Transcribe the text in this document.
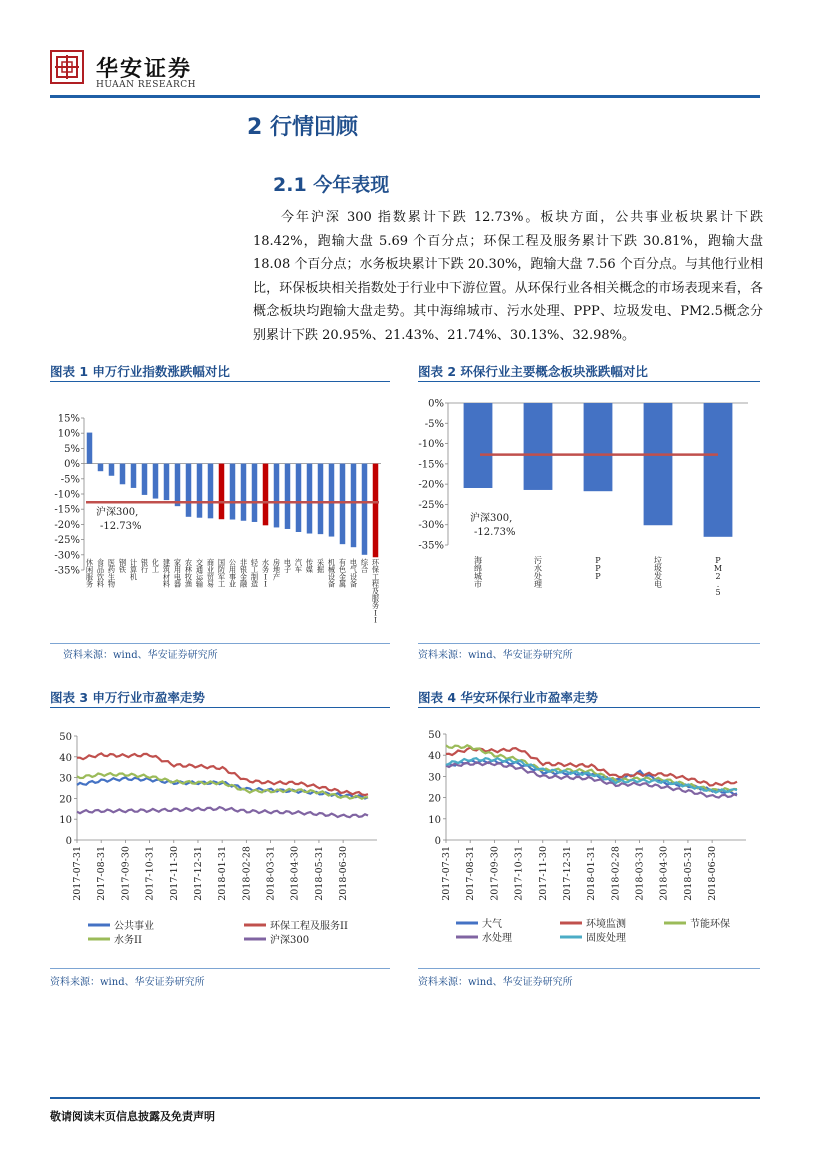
华安证券
HUAAN RESEARCH
2 行情回顾
2.1 今年表现
今年沪深 300 指数累计下跌 12.73%。板块方面，公共事业板块累计下跌 18.42%，跑输大盘 5.69 个百分点；环保工程及服务累计下跌 30.81%，跑输大盘 18.08 个百分点；水务板块累计下跌 20.30%，跑输大盘 7.56 个百分点。与其他行业相比，环保板块相关指数处于行业中下游位置。从环保行业各相关概念的市场表现来看，各概念板块均跑输大盘走势。其中海绵城市、污水处理、PPP、垃圾发电、PM2.5概念分别累计下跌 20.95%、21.43%、21.74%、30.13%、32.98%。
图表 1 申万行业指数涨跌幅对比
资料来源：wind、华安证券研究所
图表 2 环保行业主要概念板块涨跌幅对比
资料来源：wind、华安证券研究所
图表 3 申万行业市盈率走势
资料来源：wind、华安证券研究所
图表 4 华安环保行业市盈率走势
资料来源：wind、华安证券研究所
15%
10%
5%
0%
-5%
-10%
-15%
-20%
-25%
-30%
-35%
休闲服务
食品饮料
医药生物
钢铁
计算机
银行
化工
建筑材料
家用电器
农林牧渔
交通运输
商业贸易
国防军工
公用事业
非银金融
轻工制造
水务 I I
房地产
电子
汽车
传媒
采掘
机械设备
有色金属
电气设备
综合
环保工程及服务 I I
沪深300,
-12.73%
0%
-5%
-10%
-15%
-20%
-25%
-30%
-35%
海绵城市
污水处理
P P P
垃圾发电
P M 2 . 5
沪深300,
-12.73%
50
40
30
20
10
0
2017-07-31 2017-08-31 2017-09-30 2017-10-31 2017-11-30 2017-12-31 2018-01-31 2018-02-28 2018-03-31 2018-04-30 2018-05-31 2018-06-30
公共事业	环保工程及服务II
水务II	沪深300
50
40
30
20
10
0
2017-07-31 2017-08-31 2017-09-30 2017-10-31 2017-11-30 2017-12-31 2018-01-31 2018-02-28 2018-03-31 2018-04-30 2018-05-31 2018-06-30
大气	环境监测	节能环保
水处理	固废处理
敬请阅读末页信息披露及免责声明
